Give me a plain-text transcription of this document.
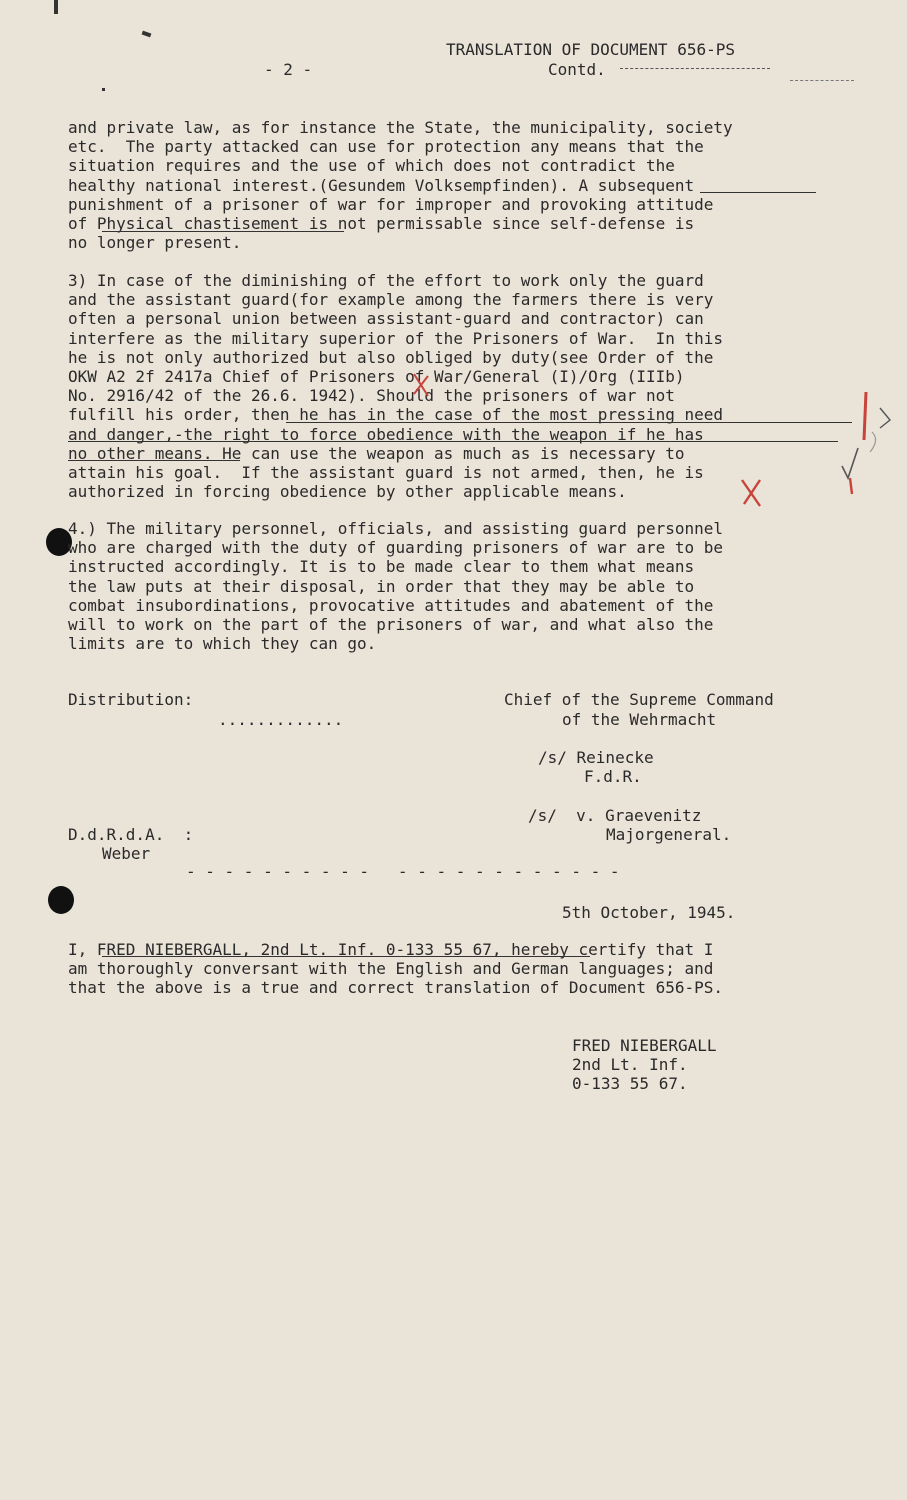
TRANSLATION OF DOCUMENT 656-PS
- 2 -	Contd.
and private law, as for instance the State, the municipality, society
etc.  The party attacked can use for protection any means that the
situation requires and the use of which does not contradict the
healthy national interest.(Gesundem Volksempfinden). A subsequent
punishment of a prisoner of war for improper and provoking attitude
of Physical chastisement is not permissable since self-defense is
no longer present.
3) In case of the diminishing of the effort to work only the guard
and the assistant guard(for example among the farmers there is very
often a personal union between assistant-guard and contractor) can
interfere as the military superior of the Prisoners of War.  In this
he is not only authorized but also obliged by duty(see Order of the
OKW A2 2f 2417a Chief of Prisoners of War/General (I)/Org (IIIb)
No. 2916/42 of the 26.6. 1942). Should the prisoners of war not
fulfill his order, then he has in the case of the most pressing need
and danger,-the right to force obedience with the weapon if he has
no other means. He can use the weapon as much as is necessary to
attain his goal.  If the assistant guard is not armed, then, he is
authorized in forcing obedience by other applicable means.
4.) The military personnel, officials, and assisting guard personnel
who are charged with the duty of guarding prisoners of war are to be
instructed accordingly. It is to be made clear to them what means
the law puts at their disposal, in order that they may be able to
combat insubordinations, provocative attitudes and abatement of the
will to work on the part of the prisoners of war, and what also the
limits are to which they can go.
Distribution:
.............
Chief of the Supreme Command
of the Wehrmacht
/s/ Reinecke
F.d.R.
/s/  v. Graevenitz
Majorgeneral.
D.d.R.d.A.  :
Weber
- - - - - - - - - -   - - - - - - - - - - - -
5th October, 1945.
I, FRED NIEBERGALL, 2nd Lt. Inf. 0-133 55 67, hereby certify that I
am thoroughly conversant with the English and German languages; and
that the above is a true and correct translation of Document 656-PS.
FRED NIEBERGALL
2nd Lt. Inf.
0-133 55 67.
